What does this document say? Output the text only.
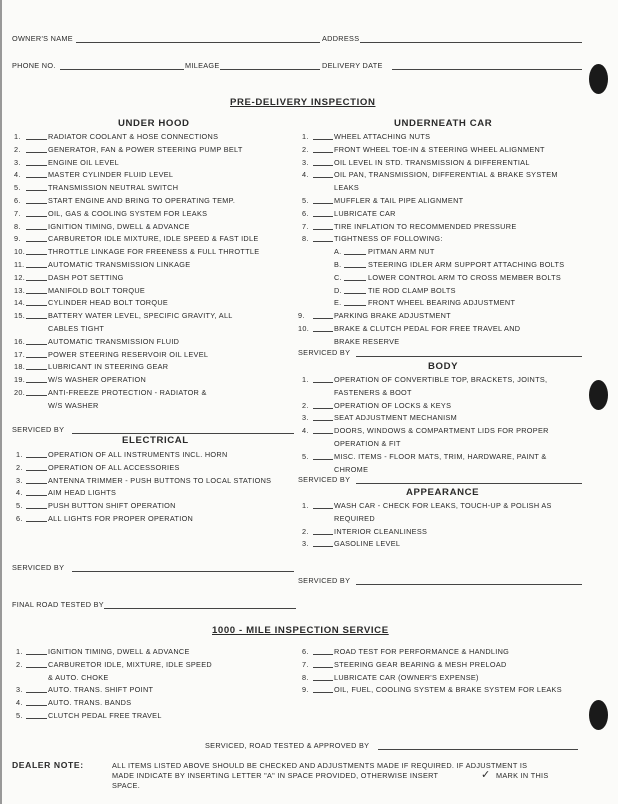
OWNER'S NAME	ADDRESS
PHONE NO.	MILEAGE	DELIVERY DATE
PRE-DELIVERY INSPECTION
UNDER HOOD	UNDERNEATH CAR
1.	RADIATOR COOLANT & HOSE CONNECTIONS
2.	GENERATOR, FAN & POWER STEERING PUMP BELT
3.	ENGINE OIL LEVEL
4.	MASTER CYLINDER FLUID LEVEL
5.	TRANSMISSION NEUTRAL SWITCH
6.	START ENGINE AND BRING TO OPERATING TEMP.
7.	OIL, GAS & COOLING SYSTEM FOR LEAKS
8.	IGNITION TIMING, DWELL & ADVANCE
9.	CARBURETOR IDLE MIXTURE, IDLE SPEED & FAST IDLE
10.	THROTTLE LINKAGE FOR FREENESS & FULL THROTTLE
11.	AUTOMATIC TRANSMISSION LINKAGE
12.	DASH POT SETTING
13.	MANIFOLD BOLT TORQUE
14.	CYLINDER HEAD BOLT TORQUE
15.	BATTERY WATER LEVEL, SPECIFIC GRAVITY, ALL
CABLES TIGHT
16.	AUTOMATIC TRANSMISSION FLUID
17.	POWER STEERING RESERVOIR OIL LEVEL
18.	LUBRICANT IN STEERING GEAR
19.	W/S WASHER OPERATION
20.	ANTI-FREEZE PROTECTION - RADIATOR &
W/S WASHER
1.	WHEEL ATTACHING NUTS
2.	FRONT WHEEL TOE-IN & STEERING WHEEL ALIGNMENT
3.	OIL LEVEL IN STD. TRANSMISSION & DIFFERENTIAL
4.	OIL PAN, TRANSMISSION, DIFFERENTIAL & BRAKE SYSTEM
LEAKS
5.	MUFFLER & TAIL PIPE ALIGNMENT
6.	LUBRICATE CAR
7.	TIRE INFLATION TO RECOMMENDED PRESSURE
8.	TIGHTNESS OF FOLLOWING:
A.	PITMAN ARM NUT
B.	STEERING IDLER ARM SUPPORT ATTACHING BOLTS
C.	LOWER CONTROL ARM TO CROSS MEMBER BOLTS
D.	TIE ROD CLAMP BOLTS
E.	FRONT WHEEL BEARING ADJUSTMENT
9.	PARKING BRAKE ADJUSTMENT
10.	BRAKE & CLUTCH PEDAL FOR FREE TRAVEL AND
BRAKE RESERVE
SERVICED BY
SERVICED BY
BODY
1.	OPERATION OF CONVERTIBLE TOP, BRACKETS, JOINTS,
FASTENERS & BOOT
2.	OPERATION OF LOCKS & KEYS
3.	SEAT ADJUSTMENT MECHANISM
4.	DOORS, WINDOWS & COMPARTMENT LIDS FOR PROPER
OPERATION & FIT
5.	MISC. ITEMS - FLOOR MATS, TRIM, HARDWARE, PAINT &
CHROME
SERVICED BY
ELECTRICAL
1.	OPERATION OF ALL INSTRUMENTS INCL. HORN
2.	OPERATION OF ALL ACCESSORIES
3.	ANTENNA TRIMMER - PUSH BUTTONS TO LOCAL STATIONS
4.	AIM HEAD LIGHTS
5.	PUSH BUTTON SHIFT OPERATION
6.	ALL LIGHTS FOR PROPER OPERATION
APPEARANCE
1.	WASH CAR - CHECK FOR LEAKS, TOUCH-UP & POLISH AS
REQUIRED
2.	INTERIOR CLEANLINESS
3.	GASOLINE LEVEL
SERVICED BY
SERVICED BY
FINAL ROAD TESTED BY
1000 - MILE INSPECTION SERVICE
1.	IGNITION TIMING, DWELL & ADVANCE
2.	CARBURETOR IDLE, MIXTURE, IDLE SPEED
& AUTO. CHOKE
3.	AUTO. TRANS. SHIFT POINT
4.	AUTO. TRANS. BANDS
5.	CLUTCH PEDAL FREE TRAVEL
6.	ROAD TEST FOR PERFORMANCE & HANDLING
7.	STEERING GEAR BEARING & MESH PRELOAD
8.	LUBRICATE CAR (OWNER'S EXPENSE)
9.	OIL, FUEL, COOLING SYSTEM & BRAKE SYSTEM FOR LEAKS
SERVICED, ROAD TESTED & APPROVED BY
DEALER NOTE:	ALL ITEMS LISTED ABOVE SHOULD BE CHECKED AND ADJUSTMENTS MADE IF REQUIRED. IF ADJUSTMENT IS
MADE INDICATE BY INSERTING LETTER "A" IN SPACE PROVIDED, OTHERWISE INSERT	✓ MARK IN THIS
SPACE.
